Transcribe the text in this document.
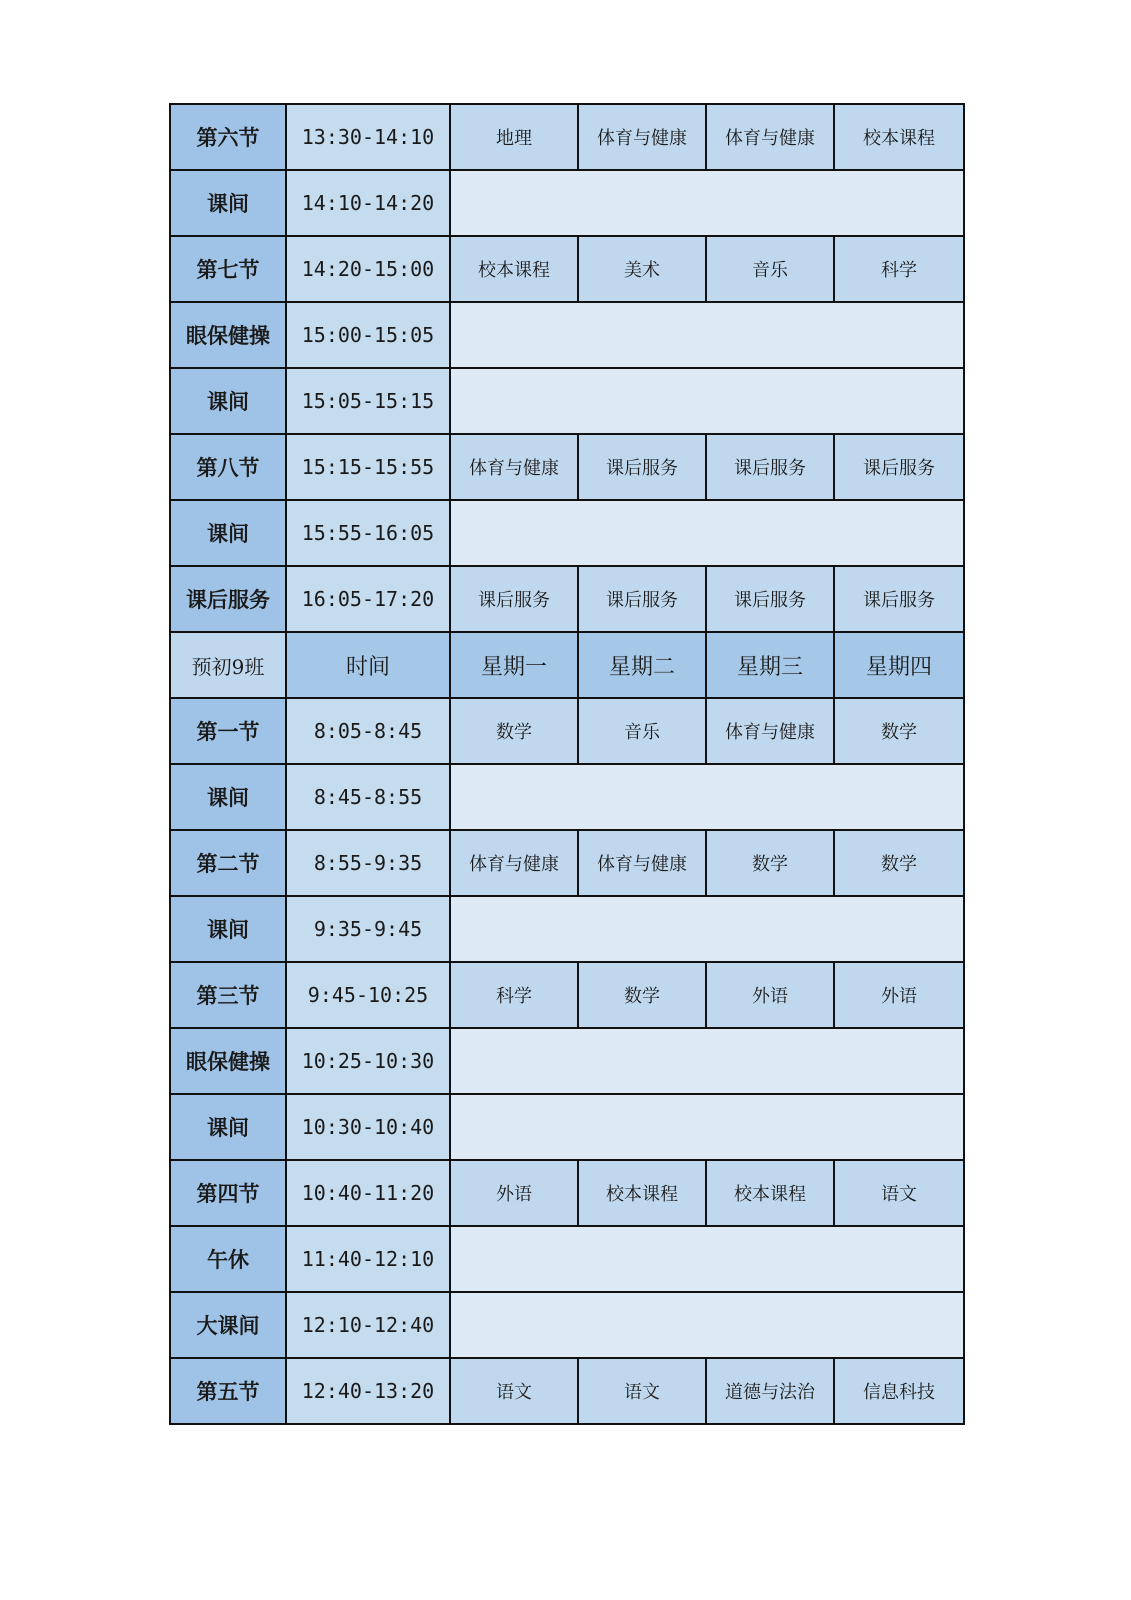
第六节	13:30-14:10	地理	体育与健康	体育与健康	校本课程
课间	14:10-14:20				
第七节	14:20-15:00	校本课程	美术	音乐	科学
眼保健操	15:00-15:05				
课间	15:05-15:15				
第八节	15:15-15:55	体育与健康	课后服务	课后服务	课后服务
课间	15:55-16:05				
课后服务	16:05-17:20	课后服务	课后服务	课后服务	课后服务
预初9班	时间	星期一	星期二	星期三	星期四
第一节	8:05-8:45	数学	音乐	体育与健康	数学
课间	8:45-8:55				
第二节	8:55-9:35	体育与健康	体育与健康	数学	数学
课间	9:35-9:45				
第三节	9:45-10:25	科学	数学	外语	外语
眼保健操	10:25-10:30				
课间	10:30-10:40				
第四节	10:40-11:20	外语	校本课程	校本课程	语文
午休	11:40-12:10				
大课间	12:10-12:40				
第五节	12:40-13:20	语文	语文	道德与法治	信息科技
